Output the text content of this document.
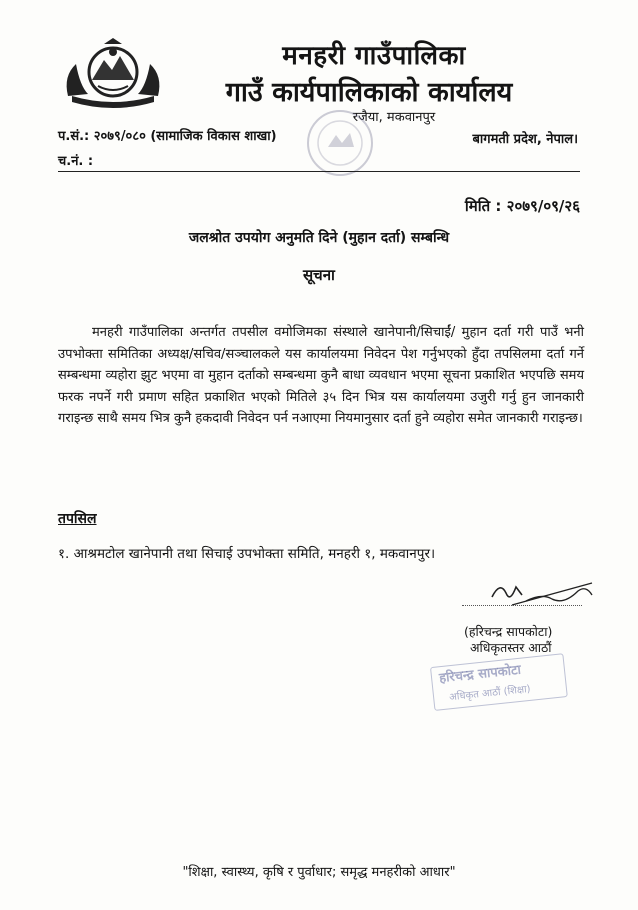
मनहरी गाउँपालिका
गाउँ कार्यपालिकाको कार्यालय
रजैया, मकवानपुर
प.सं.: २०७९/०८० (सामाजिक विकास शाखा)	बागमती प्रदेश, नेपाल।
च.नं. :
मिति : २०७९/०९/२६
जलश्रोत उपयोग अनुमति दिने (मुहान दर्ता) सम्बन्धि
सूचना
मनहरी गाउँपालिका अन्तर्गत तपसील वमोजिमका संस्थाले खानेपानी/सिचाईं/ मुहान दर्ता गरी पाउँ भनी उपभोक्ता समितिका अध्यक्ष/सचिव/सञ्चालकले यस कार्यालयमा निवेदन पेश गर्नुभएको हुँदा तपसिलमा दर्ता गर्ने सम्बन्धमा व्यहोरा झुट भएमा वा मुहान दर्ताको सम्बन्धमा कुनै बाधा व्यवधान भएमा सूचना प्रकाशित भएपछि समय फरक नपर्ने गरी प्रमाण सहित प्रकाशित भएको मितिले ३५ दिन भित्र यस कार्यालयमा उजुरी गर्नु हुन जानकारी गराइन्छ साथै समय भित्र कुनै हकदावी निवेदन पर्न नआएमा नियमानुसार दर्ता हुने व्यहोरा समेत जानकारी गराइन्छ।
तपसिल
१. आश्रमटोल खानेपानी तथा सिचाई उपभोक्ता समिति, मनहरी १, मकवानपुर।
(हरिचन्द्र सापकोटा)
अधिकृतस्तर आठौं
हरिचन्द्र सापकोटा
अधिकृत आठौं (शिक्षा)
"शिक्षा, स्वास्थ्य, कृषि र पुर्वाधार; समृद्ध मनहरीको आधार"
